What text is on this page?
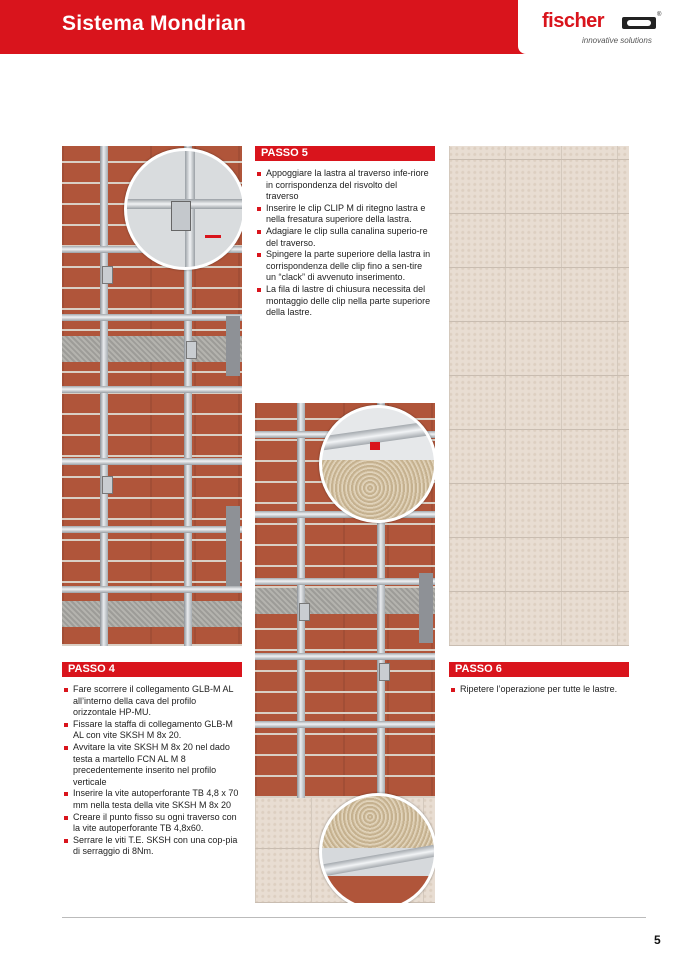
Sistema Mondrian	fischer	®
innovative solutions
PASSO 5
Appoggiare la lastra al traverso infe-riore in corrispondenza del risvolto del traverso
Inserire le clip CLIP M di ritegno lastra e nella fresatura superiore della lastra.
Adagiare le clip sulla canalina superio-re del traverso.
Spingere la parte superiore della lastra in corrispondenza delle clip fino a sen-tire un “clack” di avvenuto inserimento.
La fila di lastre di chiusura necessita del montaggio delle clip nella parte superiore della lastre.
PASSO 4
Fare scorrere il collegamento GLB-M AL all’interno della cava del profilo orizzontale HP-MU.
Fissare la staffa di collegamento GLB-M AL con vite SKSH M 8x 20.
Avvitare la vite SKSH M 8x 20 nel dado testa a martello FCN AL M 8 precedentemente inserito nel profilo verticale
Inserire la vite autoperforante TB 4,8 x 70 mm nella testa della vite SKSH M 8x 20
Creare il punto fisso su ogni traverso con la vite autoperforante TB 4,8x60.
Serrare le viti T.E. SKSH con una cop-pia di serraggio di 8Nm.
PASSO 6
Ripetere l’operazione per tutte le lastre.
5
